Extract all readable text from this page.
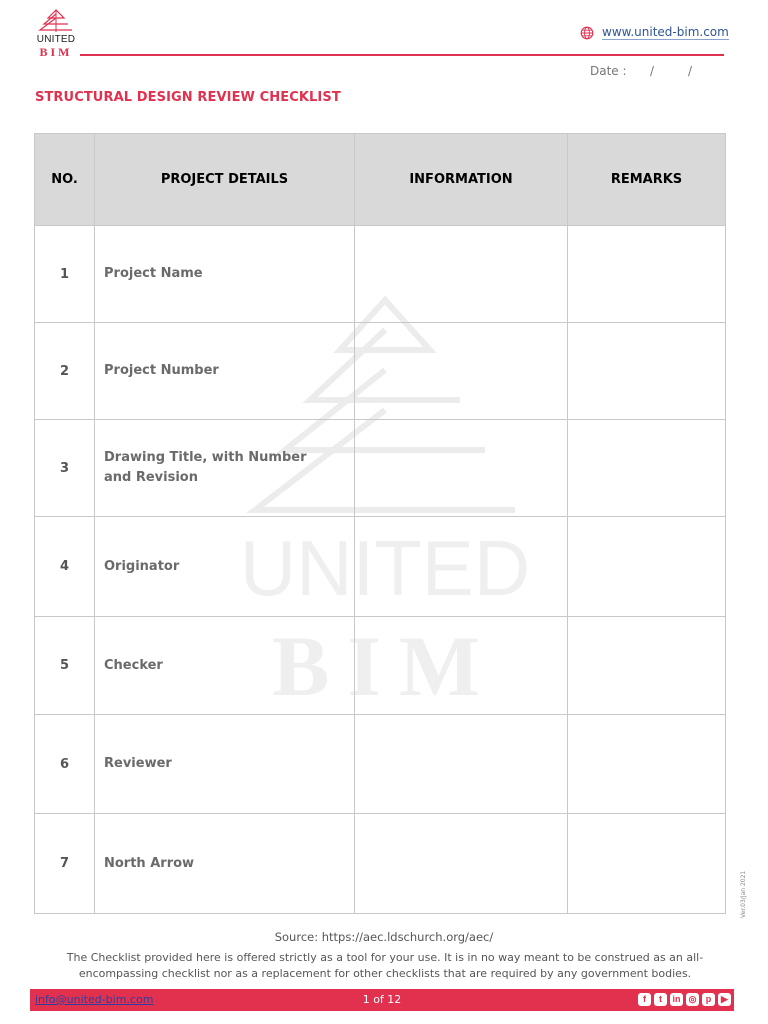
UNITED
BIM
www.united-bim.com
Date : /	/
STRUCTURAL DESIGN REVIEW CHECKLIST
UNITED
BIM
NO.	PROJECT DETAILS	INFORMATION	REMARKS
1	Project Name		
2	Project Number		
3	Drawing Title, with Number and Revision		
4	Originator		
5	Checker		
6	Reviewer		
7	North Arrow		
Source: https://aec.ldschurch.org/aec/
The Checklist provided here is offered strictly as a tool for your use. It is in no way meant to be construed as an all-encompassing checklist nor as a replacement for other checklists that are required by any government bodies.
Ver.03/Jan 2021
info@united-bim.com	1 of 12	f	t	in ◎	p	▶
